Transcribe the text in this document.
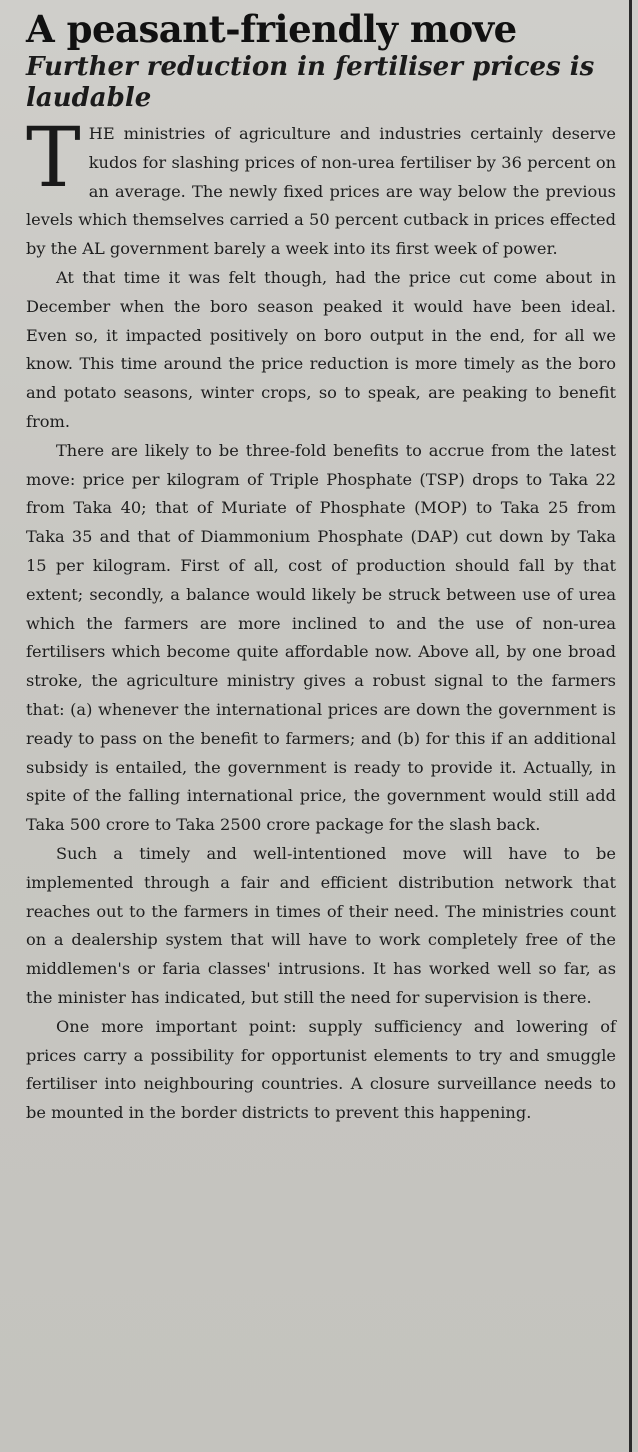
A peasant-friendly move
Further reduction in fertiliser prices is laudable

T HE ministries of agriculture and industries certainly deserve kudos for slashing prices of non-urea fertiliser by 36 percent on an average. The newly fixed prices are way below the previous levels which themselves carried a 50 percent cutback in prices effected by the AL government barely a week into its first week of power.

At that time it was felt though, had the price cut come about in December when the boro season peaked it would have been ideal. Even so, it impacted positively on boro output in the end, for all we know. This time around the price reduction is more timely as the boro and potato seasons, winter crops, so to speak, are peaking to benefit from.

There are likely to be three-fold benefits to accrue from the latest move: price per kilogram of Triple Phosphate (TSP) drops to Taka 22 from Taka 40; that of Muriate of Phosphate (MOP) to Taka 25 from Taka 35 and that of Diammonium Phosphate (DAP) cut down by Taka 15 per kilogram. First of all, cost of production should fall by that extent; secondly, a balance would likely be struck between use of urea which the farmers are more inclined to and the use of non-urea fertilisers which become quite affordable now. Above all, by one broad stroke, the agriculture ministry gives a robust signal to the farmers that: (a) whenever the international prices are down the government is ready to pass on the benefit to farmers; and (b) for this if an additional subsidy is entailed, the government is ready to provide it. Actually, in spite of the falling international price, the government would still add Taka 500 crore to Taka 2500 crore package for the slash back.

Such a timely and well-intentioned move will have to be implemented through a fair and efficient distribution network that reaches out to the farmers in times of their need. The ministries count on a dealership system that will have to work completely free of the middlemen's or faria classes' intrusions. It has worked well so far, as the minister has indicated, but still the need for supervision is there.

One more important point: supply sufficiency and lowering of prices carry a possibility for opportunist elements to try and smuggle fertiliser into neighbouring countries. A closure surveillance needs to be mounted in the border districts to prevent this happening.
